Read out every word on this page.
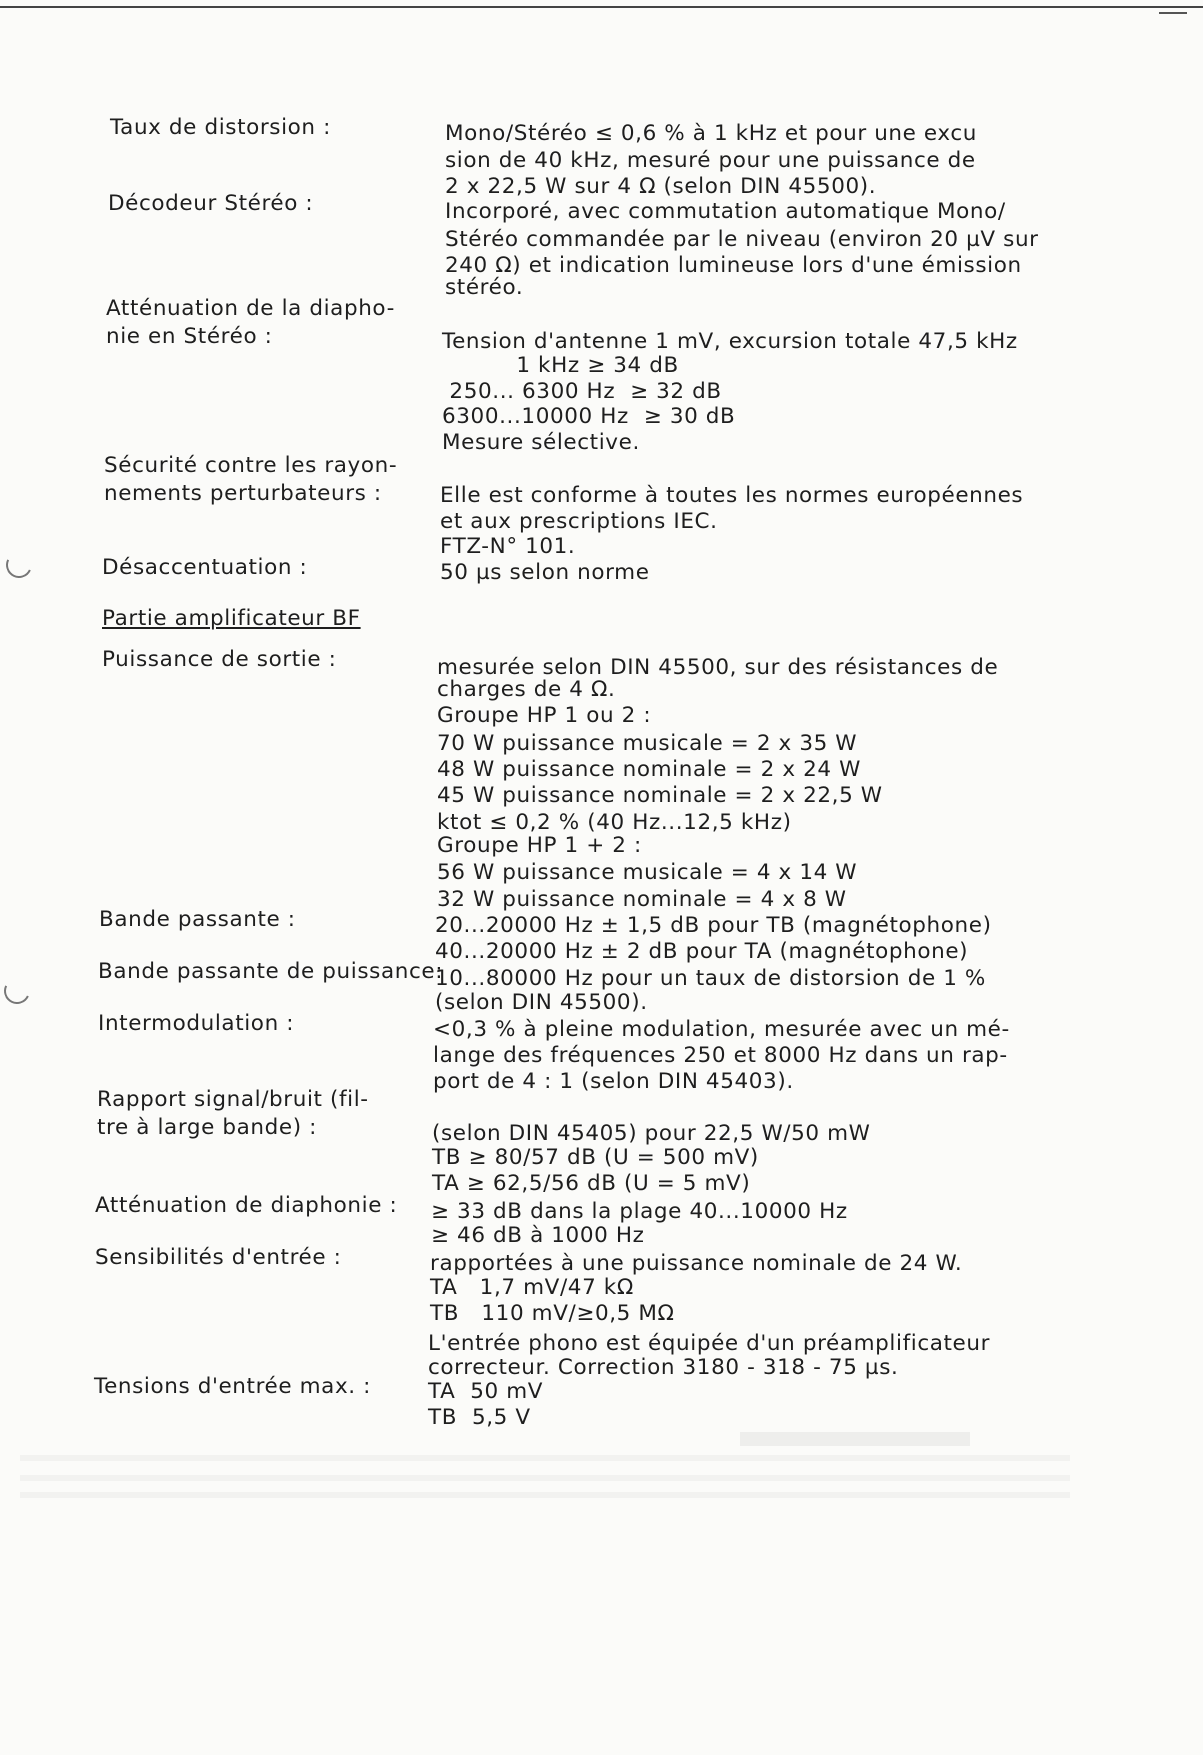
Taux de distorsion :	Mono/Stéréo ≤ 0,6 % à 1 kHz et pour une excu
sion de 40 kHz, mesuré pour une puissance de
2 x 22,5 W sur 4 Ω (selon DIN 45500).
Décodeur Stéréo :	Incorporé, avec commutation automatique Mono/
Stéréo commandée par le niveau (environ 20 µV sur
240 Ω) et indication lumineuse lors d'une émission
stéréo.
Atténuation de la diapho-
nie en Stéréo :	Tension d'antenne 1 mV, excursion totale 47,5 kHz
1 kHz ≥ 34 dB
250... 6300 Hz  ≥ 32 dB
6300...10000 Hz  ≥ 30 dB
Mesure sélective.
Sécurité contre les rayon-
nements perturbateurs :	Elle est conforme à toutes les normes européennes
et aux prescriptions IEC.
FTZ-N° 101.
Désaccentuation :	50 µs selon norme
Partie amplificateur BF
Puissance de sortie :	mesurée selon DIN 45500, sur des résistances de
charges de 4 Ω.
Groupe HP 1 ou 2 :
70 W puissance musicale = 2 x 35 W
48 W puissance nominale = 2 x 24 W
45 W puissance nominale = 2 x 22,5 W
ktot ≤ 0,2 % (40 Hz...12,5 kHz)
Groupe HP 1 + 2 :
56 W puissance musicale = 4 x 14 W
32 W puissance nominale = 4 x 8 W
Bande passante :	20...20000 Hz ± 1,5 dB pour TB (magnétophone)
40...20000 Hz ± 2 dB pour TA (magnétophone)
Bande passante de puissance:
10...80000 Hz pour un taux de distorsion de 1 %
(selon DIN 45500).
Intermodulation :	<0,3 % à pleine modulation, mesurée avec un mé-
lange des fréquences 250 et 8000 Hz dans un rap-
port de 4 : 1 (selon DIN 45403).
Rapport signal/bruit (fil-
tre à large bande) :	(selon DIN 45405) pour 22,5 W/50 mW
TB ≥ 80/57 dB (U = 500 mV)
TA ≥ 62,5/56 dB (U = 5 mV)
Atténuation de diaphonie : ≥ 33 dB dans la plage 40...10000 Hz
≥ 46 dB à 1000 Hz
Sensibilités d'entrée :	rapportées à une puissance nominale de 24 W.
TA   1,7 mV/47 kΩ
TB   110 mV/≥0,5 MΩ
L'entrée phono est équipée d'un préamplificateur
correcteur. Correction 3180 - 318 - 75 µs.
Tensions d'entrée max. :	TA  50 mV
TB  5,5 V
